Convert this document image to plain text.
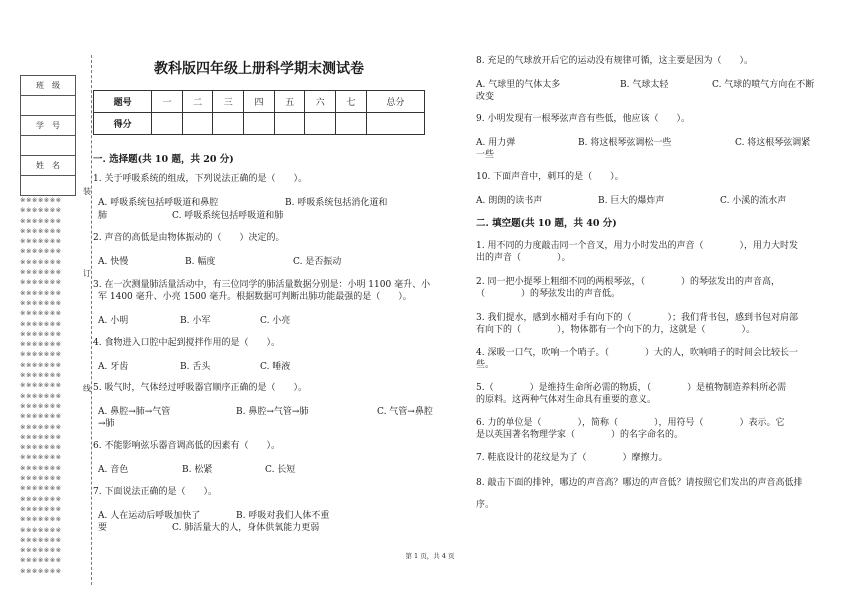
班　级

学　号

姓　名

※※※※※※※
※※※※※※※
※※※※※※※
※※※※※※※
※※※※※※※
※※※※※※※
※※※※※※※
※※※※※※※
※※※※※※※
※※※※※※※
※※※※※※※
※※※※※※※
※※※※※※※
※※※※※※※
※※※※※※※
※※※※※※※
※※※※※※※
※※※※※※※
※※※※※※※
※※※※※※※
※※※※※※※
※※※※※※※
※※※※※※※
※※※※※※※
※※※※※※※
※※※※※※※
※※※※※※※
※※※※※※※
※※※※※※※
※※※※※※※
※※※※※※※
※※※※※※※
※※※※※※※
※※※※※※※
※※※※※※※
※※※※※※※
※※※※※※※
装
订
线
教科版四年级上册科学期末测试卷
题号	一	二	三	四	五	六	七	总分
得分								
一. 选择题(共 10 题，共 20 分)
1. 关于呼吸系统的组成，下列说法正确的是（　　）。
A. 呼吸系统包括呼吸道和鼻腔	B. 呼吸系统包括消化道和
肺	C. 呼吸系统包括呼吸道和肺
2. 声音的高低是由物体振动的（　　）决定的。
A. 快慢	B. 幅度	C. 是否振动
3. 在一次测量肺活量活动中，有三位同学的肺活量数据分别是：小明 1100 毫升、小
军 1400 毫升、小亮 1500 毫升。根据数据可判断出肺功能最强的是（　　）。
A. 小明	B. 小军	C. 小亮
4. 食物进入口腔中起到搅拌作用的是（　　）。
A. 牙齿	B. 舌头	C. 唾液
5. 吸气时，气体经过呼吸器官顺序正确的是（　　）。
A. 鼻腔→肺→气管	B. 鼻腔→气管→肺	C. 气管→鼻腔
→肺
6. 不能影响弦乐器音调高低的因素有（　　）。
A. 音色	B. 松紧	C. 长短
7. 下面说法正确的是（　　）。
A. 人在运动后呼吸加快了	B. 呼吸对我们人体不重
要	C. 肺活量大的人，身体供氧能力更弱
8. 充足的气球放开后它的运动没有规律可循，这主要是因为（　　）。
A. 气球里的气体太多	B. 气球太轻	C. 气球的喷气方向在不断
改变
9. 小明发现有一根琴弦声音有些低，他应该（　　）。
A. 用力弹	B. 将这根琴弦调松一些	C. 将这根琴弦调紧
一些
10. 下面声音中，刺耳的是（　　）。
A. 朗朗的读书声	B. 巨大的爆炸声	C. 小溪的流水声
二. 填空题(共 10 题，共 40 分)
1. 用不同的力度敲击同一个音叉，用力小时发出的声音（　　　　），用力大时发
出的声音（　　　　）。
2. 同一把小提琴上粗细不同的两根琴弦，（　　　　）的琴弦发出的声音高，
（　　　　）的琴弦发出的声音低。
3. 我们提水，感到水桶对手有向下的（　　　　）；我们背书包，感到书包对肩部
有向下的（　　　　），物体都有一个向下的力，这就是（　　　　）。
4. 深吸一口气，吹响一个哨子。（　　　　）大的人，吹响哨子的时间会比较长一
些。
5.（　　　　）是维持生命所必需的物质，（　　　　）是植物制造养料所必需
的原料。这两种气体对生命具有重要的意义。
6. 力的单位是（　　　　），简称（　　　　），用符号（　　　　）表示。它
是以英国著名物理学家（　　　　）的名字命名的。
7. 鞋底设计的花纹是为了（　　　　）摩擦力。
8. 敲击下面的排钟，哪边的声音高？哪边的声音低？请按照它们发出的声音高低排
序。
第 1 页，共 4 页
